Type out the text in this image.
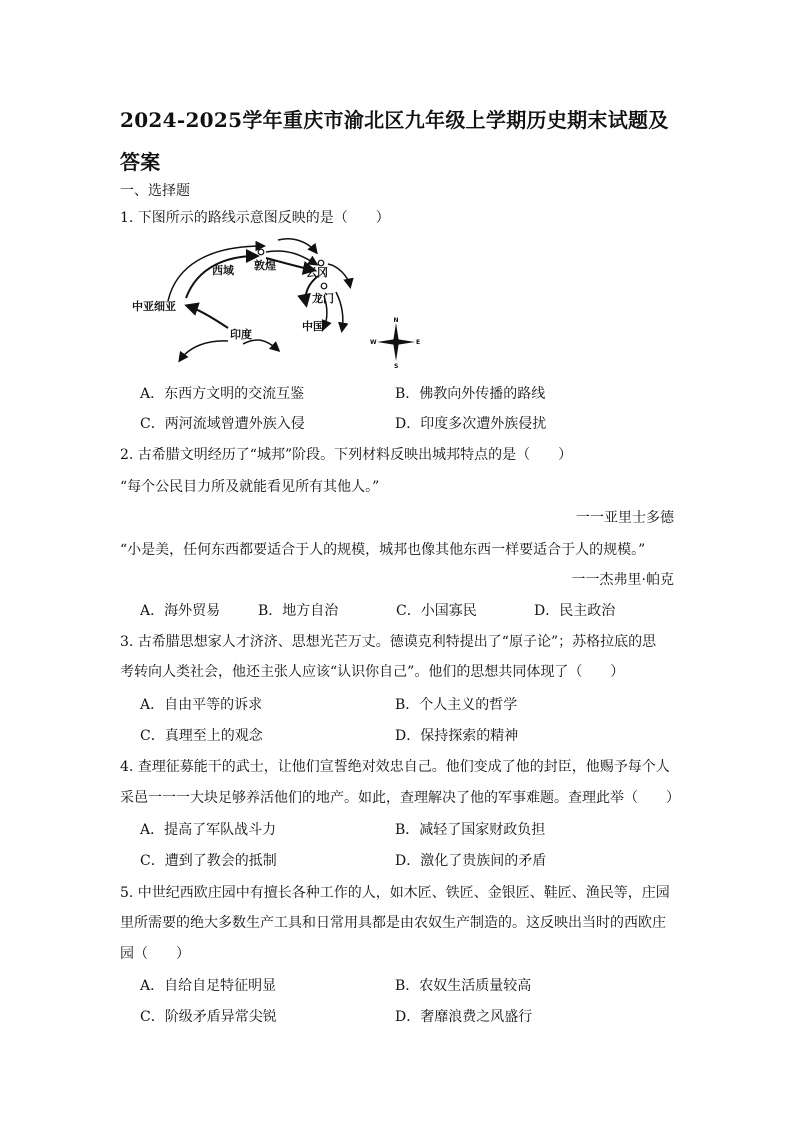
2024-2025学年重庆市渝北区九年级上学期历史期末试题及
答案
一、选择题
1. 下图所示的路线示意图反映的是（　　）
西域 敦煌
云冈
龙门
中国
中亚细亚
印度
N
S
E
W
A．东西方文明的交流互鉴	B．佛教向外传播的路线
C．两河流域曾遭外族入侵	D．印度多次遭外族侵扰
2. 古希腊文明经历了“城邦”阶段。下列材料反映出城邦特点的是（　　）
“每个公民目力所及就能看见所有其他人。”
一一亚里士多德
“小是美，任何东西都要适合于人的规模，城邦也像其他东西一样要适合于人的规模。”
一一杰弗里·帕克
A．海外贸易	B．地方自治	C．小国寡民	D．民主政治
3. 古希腊思想家人才济济、思想光芒万丈。德谟克利特提出了“原子论”；苏格拉底的思
考转向人类社会，他还主张人应该“认识你自己”。他们的思想共同体现了（　　）
A．自由平等的诉求	B．个人主义的哲学
C．真理至上的观念	D．保持探索的精神
4. 查理征募能干的武士，让他们宣誓绝对效忠自己。他们变成了他的封臣，他赐予每个人
采邑一一一大块足够养活他们的地产。如此，查理解决了他的军事难题。查理此举（　　）
A．提高了军队战斗力	B．减轻了国家财政负担
C．遭到了教会的抵制	D．激化了贵族间的矛盾
5. 中世纪西欧庄园中有擅长各种工作的人，如木匠、铁匠、金银匠、鞋匠、渔民等，庄园
里所需要的绝大多数生产工具和日常用具都是由农奴生产制造的。这反映出当时的西欧庄
园（　　）
A．自给自足特征明显	B．农奴生活质量较高
C．阶级矛盾异常尖锐	D．奢靡浪费之风盛行
